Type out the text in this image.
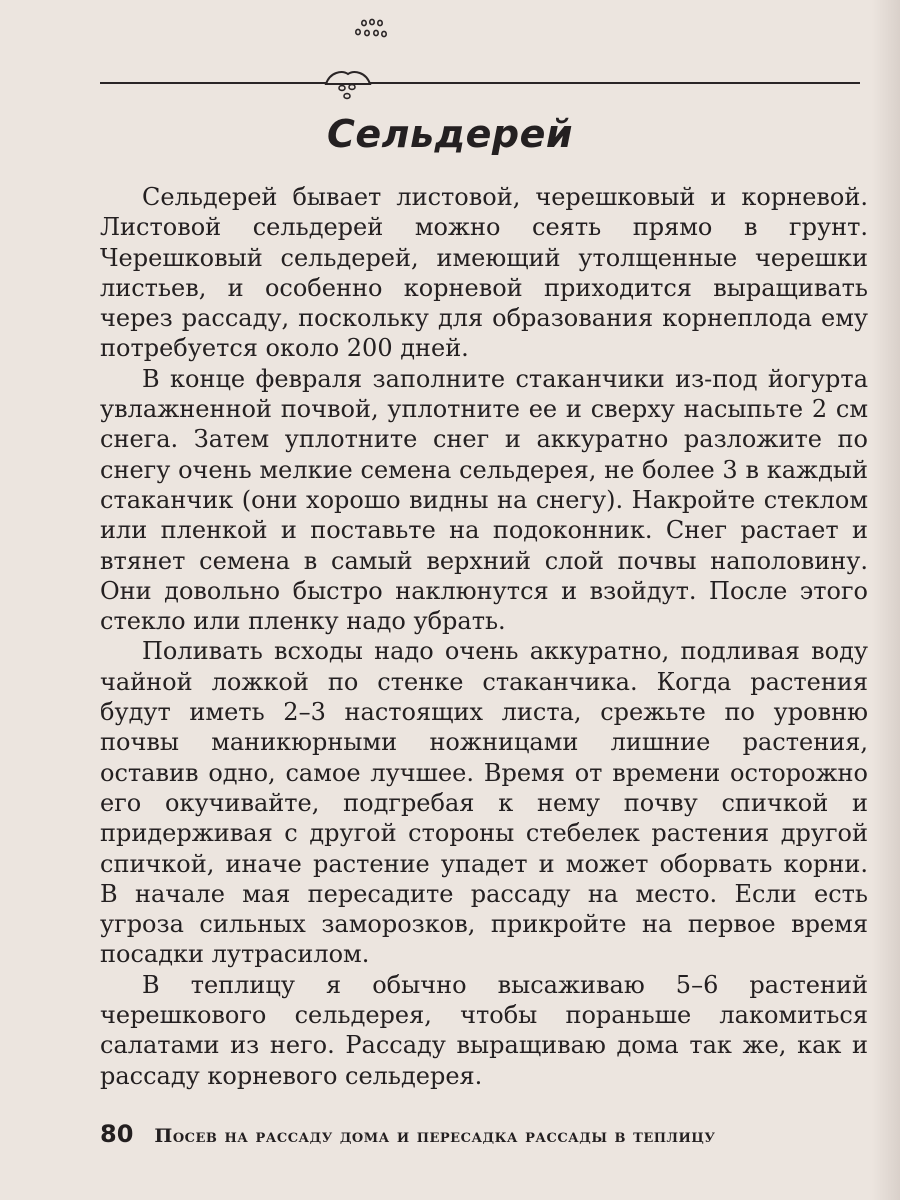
Сельдерей

Сельдерей бывает листовой, черешковый и корневой. Листовой сельдерей можно сеять прямо в грунт. Черешковый сельдерей, имеющий утолщенные черешки листьев, и особенно корневой приходится выращивать через рассаду, поскольку для образования корнеплода ему потребуется около 200 дней.

В конце февраля заполните стаканчики из-под йогурта увлажненной почвой, уплотните ее и сверху насыпьте 2 см снега. Затем уплотните снег и аккуратно разложите по снегу очень мелкие семена сельдерея, не более 3 в каждый стаканчик (они хорошо видны на снегу). Накройте стеклом или пленкой и поставьте на подоконник. Снег растает и втянет семена в самый верхний слой почвы наполовину. Они довольно быстро наклюнутся и взойдут. После этого стекло или пленку надо убрать.

Поливать всходы надо очень аккуратно, подливая воду чайной ложкой по стенке стаканчика. Когда растения будут иметь 2–3 настоящих листа, срежьте по уровню почвы маникюрными ножницами лишние растения, оставив одно, самое лучшее. Время от времени осторожно его окучивайте, подгребая к нему почву спичкой и придерживая с другой стороны стебелек растения другой спичкой, иначе растение упадет и может оборвать корни. В начале мая пересадите рассаду на место. Если есть угроза сильных заморозков, прикройте на первое время посадки лутрасилом.

В теплицу я обычно высаживаю 5–6 растений черешкового сельдерея, чтобы пораньше лакомиться салатами из него. Рассаду выращиваю дома так же, как и рассаду корневого сельдерея.

80 Посев на рассаду дома и пересадка рассады в теплицу
